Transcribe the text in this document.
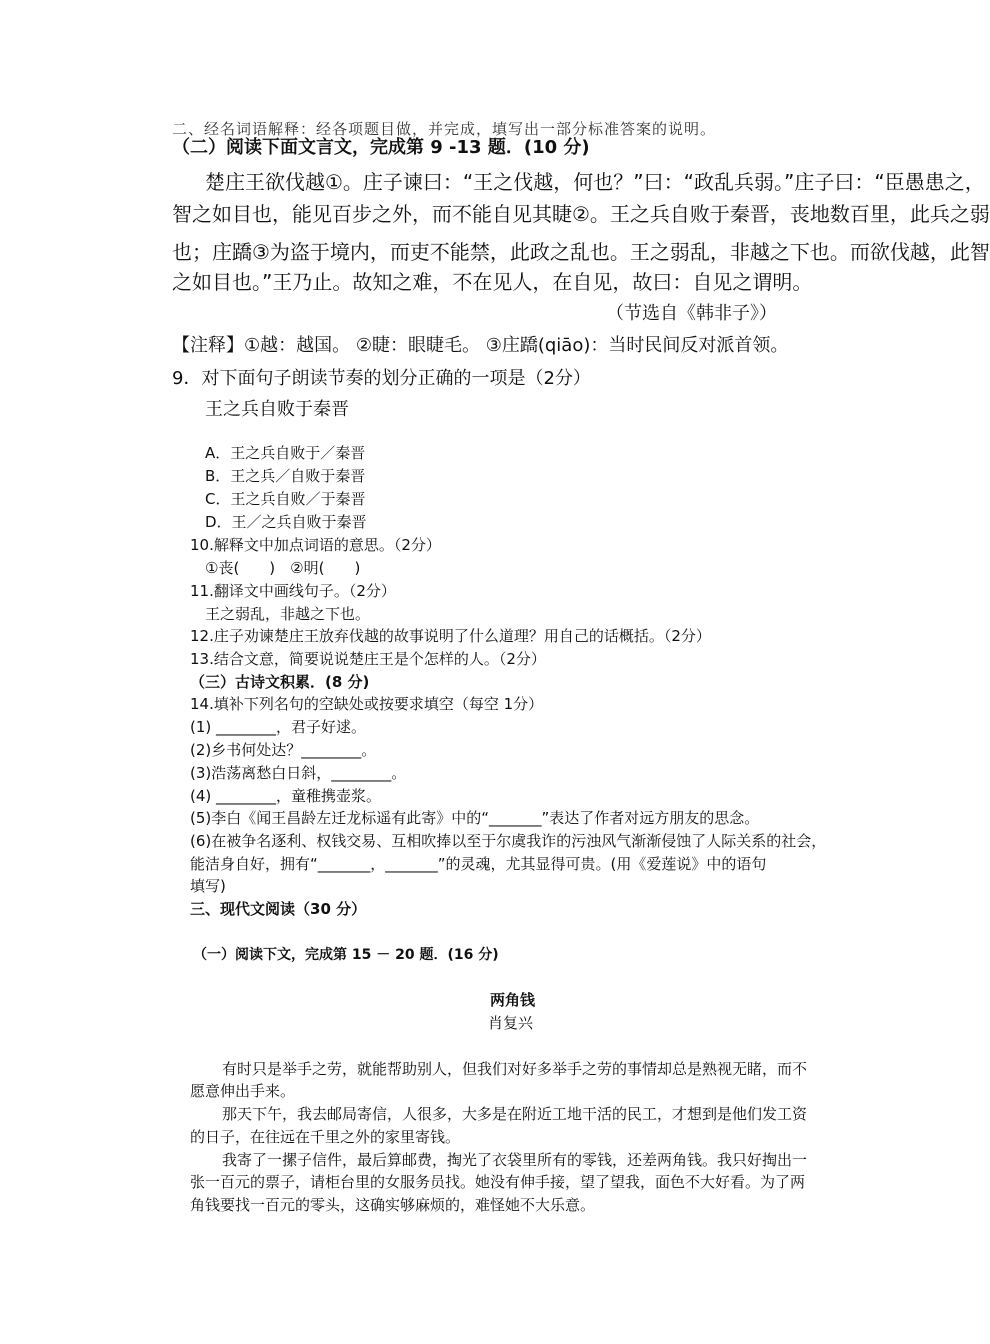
二、经名词语解释：经各项题目做，并完成，填写出一部分标准答案的说明。
（二）阅读下面文言文，完成第 9 -13 题．(10 分)
楚庄王欲伐越①。庄子谏曰：“王之伐越，何也？”曰：“政乱兵弱。”庄子曰：“臣愚患之，
智之如目也，能见百步之外，而不能自见其睫②。王之兵自败于秦晋，丧地数百里，此兵之弱
也；庄蹻③为盗于境内，而吏不能禁，此政之乱也。王之弱乱，非越之下也。而欲伐越，此智
之如目也。”王乃止。故知之难，不在见人，在自见，故曰：自见之谓明。
（节选自《韩非子》）
【注释】①越：越国。 ②睫：眼睫毛。 ③庄蹻(qiāo)：当时民间反对派首领。
9．对下面句子朗读节奏的划分正确的一项是（2分）
王之兵自败于秦晋
A．王之兵自败于／秦晋
B．王之兵／自败于秦晋
C．王之兵自败／于秦晋
D．王／之兵自败于秦晋
10.解释文中加点词语的意思。（2分）
①丧(　　)　②明(　　)
11.翻译文中画线句子。（2分）
王之弱乱，非越之下也。
12.庄子劝谏楚庄王放弃伐越的故事说明了什么道理？用自己的话概括。（2分）
13.结合文意，简要说说楚庄王是个怎样的人。（2分）
（三）古诗文积累．(8 分)
14.填补下列名句的空缺处或按要求填空（每空 1分）
(1) ________，君子好逑。
(2)乡书何处达？________。
(3)浩荡离愁白日斜，________。
(4) ________，童稚携壶浆。
(5)李白《闻王昌龄左迁龙标遥有此寄》中的“_______”表达了作者对远方朋友的思念。
(6)在被争名逐利、权钱交易、互相吹捧以至于尔虞我诈的污浊风气渐渐侵蚀了人际关系的社会，
能洁身自好，拥有“_______，_______”的灵魂，尤其显得可贵。(用《爱莲说》中的语句
填写)
三、现代文阅读（30 分）
（一）阅读下文，完成第 15 － 20 题．(16 分)
两角钱
肖复兴
有时只是举手之劳，就能帮助别人，但我们对好多举手之劳的事情却总是熟视无睹，而不
愿意伸出手来。
那天下午，我去邮局寄信，人很多，大多是在附近工地干活的民工，才想到是他们发工资
的日子，在往远在千里之外的家里寄钱。
我寄了一摞子信件，最后算邮费，掏光了衣袋里所有的零钱，还差两角钱。我只好掏出一
张一百元的票子，请柜台里的女服务员找。她没有伸手接，望了望我，面色不大好看。为了两
角钱要找一百元的零头，这确实够麻烦的，难怪她不大乐意。
